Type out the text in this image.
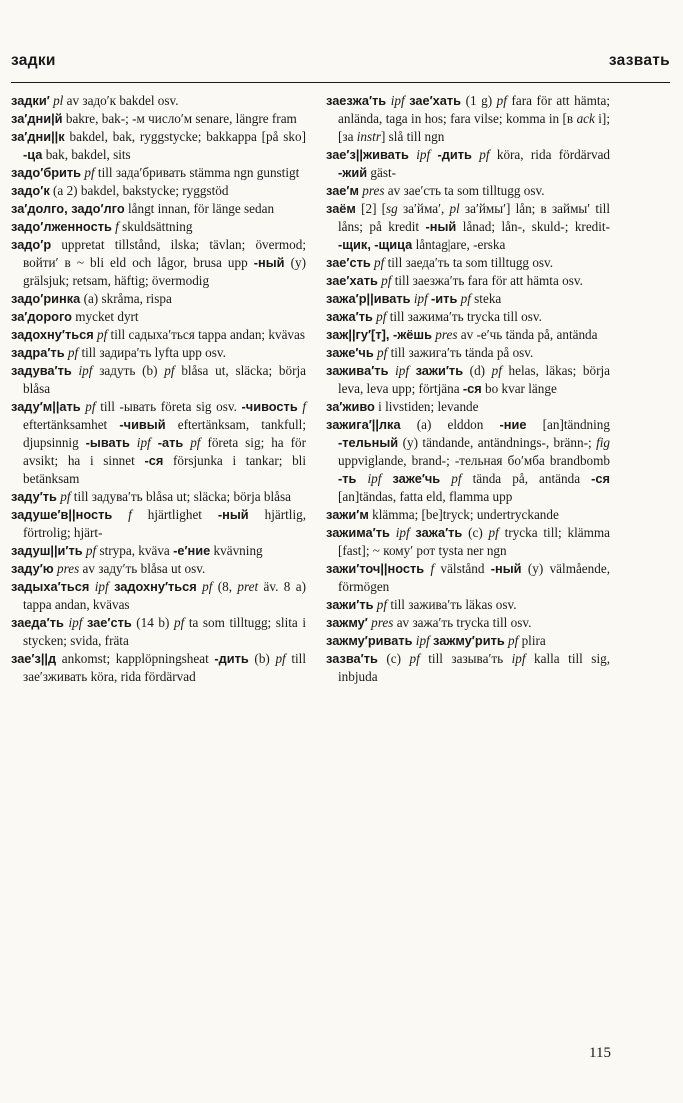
задки	зазвать

задки′ pl av задо′к bakdel osv.

за′дни|й bakre, bak-; -м число′м senare, längre fram

за′дни||к bakdel, bak, ryggstycke; bakkappa [på sko] -ца bak, bakdel, sits

задо′брить pf till зада′бривать stämma ngn gunstigt

задо′к (a 2) bakdel, bakstycke; ryggstöd

за′долго, задо′лго långt innan, för länge sedan

задо′лженность f skuldsättning

задо′р uppretat tillstånd, ilska; tävlan; övermod; войти′ в ~ bli eld och lågor, brusa upp -ный (y) grälsjuk; retsam, häftig; övermodig

задо′ринка (a) skråma, rispa

за′дорого mycket dyrt

задохну′ться pf till садыха′ться tappa andan; kvävas

задра′ть pf till задира′ть lyfta upp osv.

задува′ть ipf задуть (b) pf blåsa ut, släcka; börja blåsa

заду′м||ать pf till -ывать företa sig osv. -чивость f eftertänksamhet -чивый eftertänksam, tankfull; djupsinnig -ывать ipf -ать pf företa sig; ha för avsikt; ha i sinnet -ся försjunka i tankar; bli betänksam

заду′ть pf till задува′ть blåsa ut; släcka; börja blåsa

задуше′в||ность f hjärtlighet -ный hjärtlig, förtrolig; hjärt-

задуш||и′ть pf strypa, kväva -е′ние kvävning

заду′ю pres av заду′ть blåsa ut osv.

задыха′ться ipf задохну′ться pf (8, pret äv. 8 a) tappa andan, kvävas

заеда′ть ipf зае′сть (14 b) pf ta som tilltugg; slita i stycken; svida, fräta

зае′з||д ankomst; kapplöpningsheat -дить (b) pf till зае′зживать köra, rida fördärvad

заезжа′ть ipf зае′хать (1 g) pf fara för att hämta; anlända, taga in hos; fara vilse; komma in [в ack i]; [за instr] slå till ngn

зае′з||живать ipf -дить pf köra, rida fördärvad -жий gäst-

зае′м pres av зае′сть ta som tilltugg osv.

заём [2] [sg за′йма′, pl за′ймы′] lån; в займы′ till låns; på kredit -ный lånad; lån-, skuld-; kredit- -щик, -щица låntag|are, -erska

зае′сть pf till заеда′ть ta som tilltugg osv.

зае′хать pf till заезжа′ть fara för att hämta osv.

зажа′р||ивать ipf -ить pf steka

зажа′ть pf till зажима′ть trycka till osv.

заж||гу′[т], -жёшь pres av -е′чь tända på, antända

заже′чь pf till зажига′ть tända på osv.

заживa′ть ipf зажи′ть (d) pf helas, läkas; börja leva, leva upp; förtjäna -ся bo kvar länge

за′живо i livstiden; levande

зажига′||лка (a) elddon -ние [an]tändning -тельный (y) tändande, antändnings-, bränn-; fig uppviglande, brand-; -тельная бо′мба brandbomb -ть ipf заже′чь pf tända på, antända -ся [an]tändas, fatta eld, flamma upp

зажи′м klämma; [be]tryck; undertryckande

зажима′ть ipf зажа′ть (c) pf trycka till; klämma [fast]; ~ кому′ рот tysta ner ngn

зажи′точ||ность f välstånd -ный (y) välmående, förmögen

зажи′ть pf till зажива′ть läkas osv.

зажму′ pres av зажа′ть trycka till osv.

зажму′ривать ipf зажму′рить pf plira

зазва′ть (c) pf till зазыва′ть ipf kalla till sig, inbjuda

115
